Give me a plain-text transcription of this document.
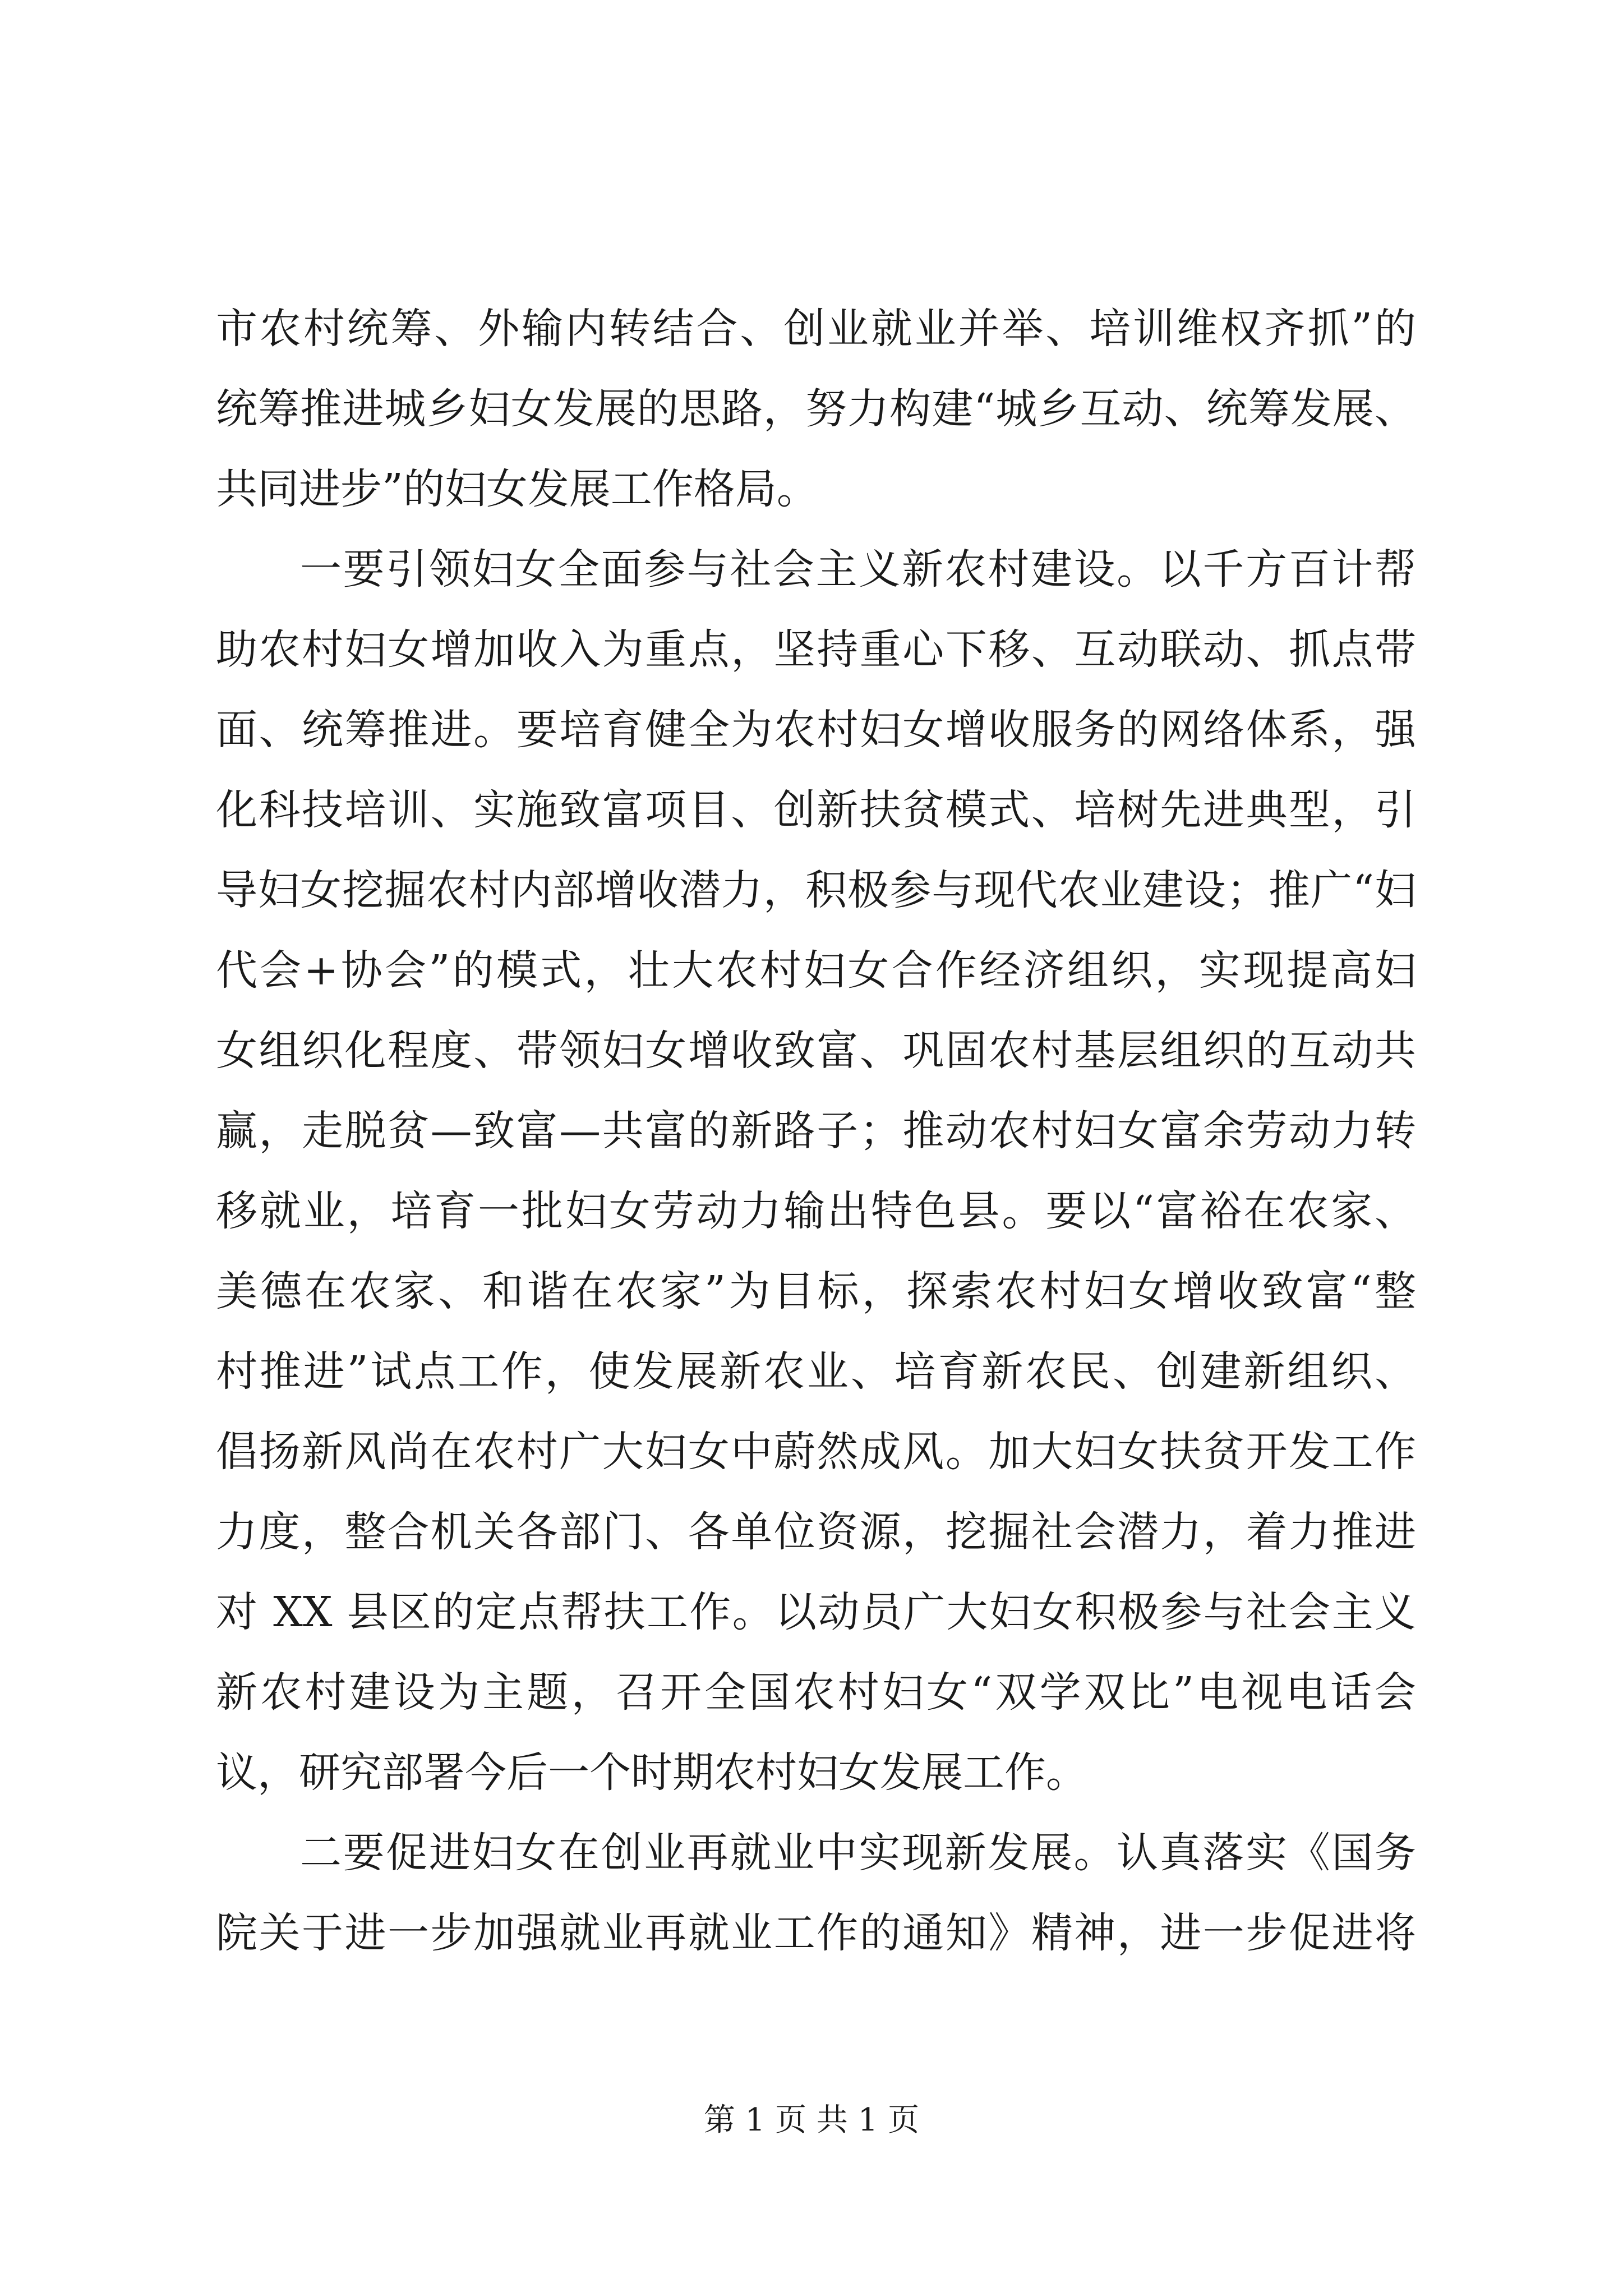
市农村统筹、外输内转结合、创业就业并举、培训维权齐抓”的
统筹推进城乡妇女发展的思路，努力构建“城乡互动、统筹发展、
共同进步”的妇女发展工作格局。
一要引领妇女全面参与社会主义新农村建设。以千方百计帮
助农村妇女增加收入为重点，坚持重心下移、互动联动、抓点带
面、统筹推进。要培育健全为农村妇女增收服务的网络体系，强
化科技培训、实施致富项目、创新扶贫模式、培树先进典型，引
导妇女挖掘农村内部增收潜力，积极参与现代农业建设；推广“妇
代会+协会”的模式，壮大农村妇女合作经济组织，实现提高妇
女组织化程度、带领妇女增收致富、巩固农村基层组织的互动共
赢，走脱贫—致富—共富的新路子；推动农村妇女富余劳动力转
移就业，培育一批妇女劳动力输出特色县。要以“富裕在农家、
美德在农家、和谐在农家”为目标，探索农村妇女增收致富“整
村推进”试点工作，使发展新农业、培育新农民、创建新组织、
倡扬新风尚在农村广大妇女中蔚然成风。加大妇女扶贫开发工作
力度，整合机关各部门、各单位资源，挖掘社会潜力，着力推进
对 XX 县区的定点帮扶工作。以动员广大妇女积极参与社会主义
新农村建设为主题，召开全国农村妇女“双学双比”电视电话会
议，研究部署今后一个时期农村妇女发展工作。
二要促进妇女在创业再就业中实现新发展。认真落实《国务
院关于进一步加强就业再就业工作的通知》精神，进一步促进将
第 1 页 共 1 页
